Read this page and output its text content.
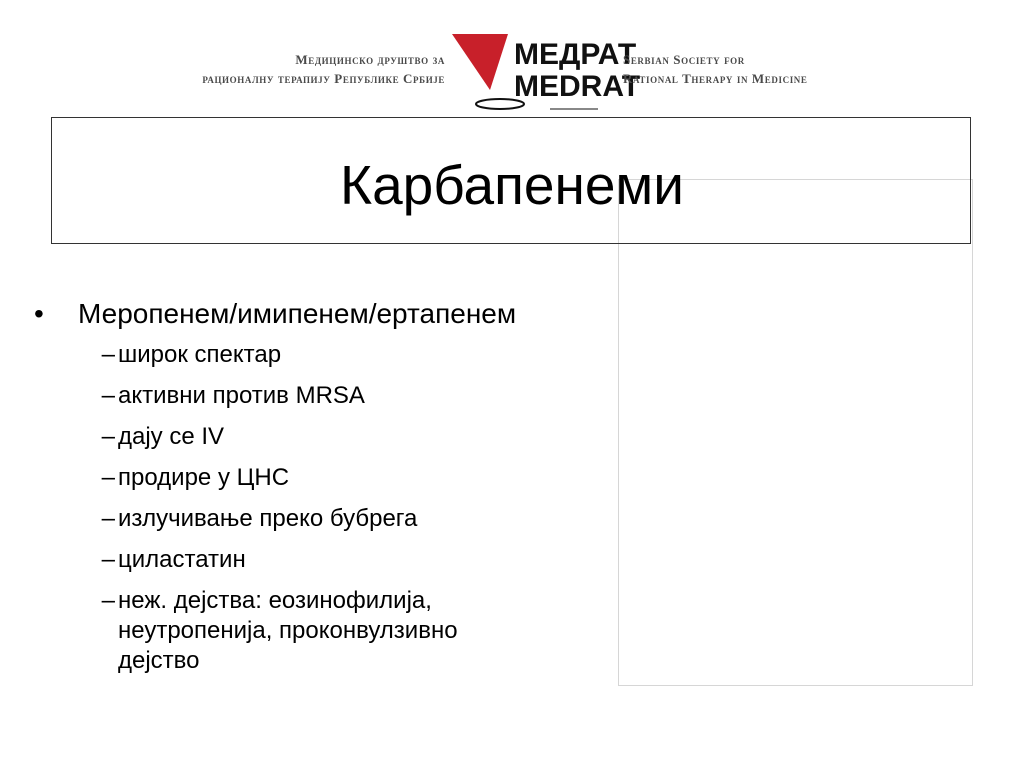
Медицинско друштво за
рационалну терапију Републике Србије
МЕДРАТ
MEDRAT
Serbian Society for
Rational Therapy in Medicine
Карбапенеми
•	Меропенем/имипенем/ертапенем
– широк спектар
– активни против MRSA
– дају се IV
– продире у ЦНС
– излучивање преко бубрега
– циластатин
– неж. дејства: еозинофилија, неутропенија, проконвулзивно дејство
